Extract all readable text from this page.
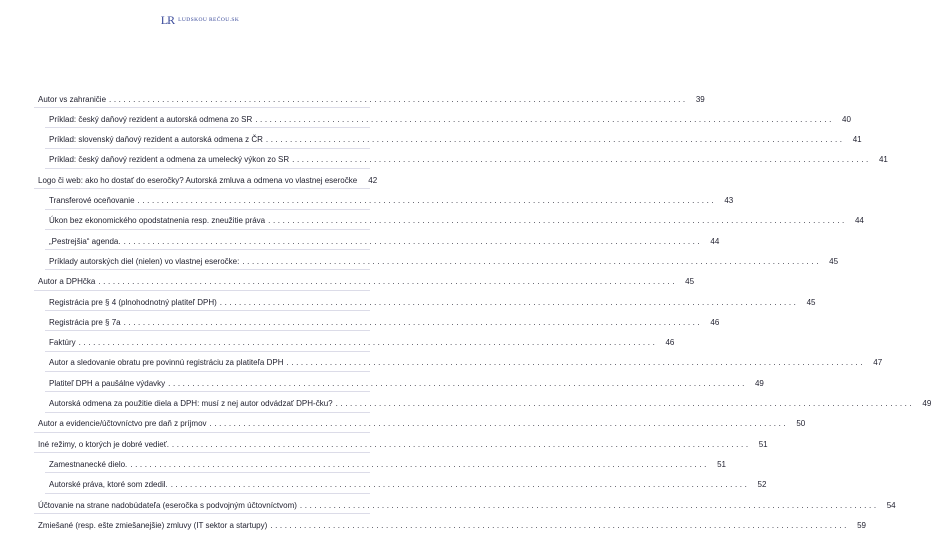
LR LUDSKOU REČOU.SK
Autor vs zahraničie ........................................................................................................................	39
Príklad: český daňový rezident a autorská odmena zo SR ........................................................................................................................	40
Príklad: slovenský daňový rezident a autorská odmena z ČR ........................................................................................................................	41
Príklad: český daňový rezident a odmena za umelecký výkon zo SR ........................................................................................................................	41
Logo či web: ako ho dostať do eseročky? Autorská zmluva a odmena vo vlastnej eseročke	42
Transferové oceňovanie ........................................................................................................................	43
Úkon bez ekonomického opodstatnenia resp. zneužitie práva ........................................................................................................................	44
„Pestrejšia“ agenda. ........................................................................................................................	44
Príklady autorských diel (nielen) vo vlastnej eseročke: ........................................................................................................................	45
Autor a DPHčka ........................................................................................................................	45
Registrácia pre § 4 (plnohodnotný platiteľ DPH) ........................................................................................................................	45
Registrácia pre § 7a ........................................................................................................................	46
Faktúry ........................................................................................................................	46
Autor a sledovanie obratu pre povinnú registráciu za platiteľa DPH ........................................................................................................................	47
Platiteľ DPH a paušálne výdavky ........................................................................................................................	49
Autorská odmena za použitie diela a DPH: musí z nej autor odvádzať DPH-čku? ........................................................................................................................	49
Autor a evidencie/účtovníctvo pre daň z príjmov ........................................................................................................................	50
Iné režimy, o ktorých je dobré vedieť. ........................................................................................................................	51
Zamestnanecké dielo. ........................................................................................................................	51
Autorské práva, ktoré som zdedil. ........................................................................................................................	52
Účtovanie na strane nadobúdateľa (eseročka s podvojným účtovníctvom) ........................................................................................................................	54
Zmiešané (resp. ešte zmiešanejšie) zmluvy (IT sektor a startupy) ........................................................................................................................	59
